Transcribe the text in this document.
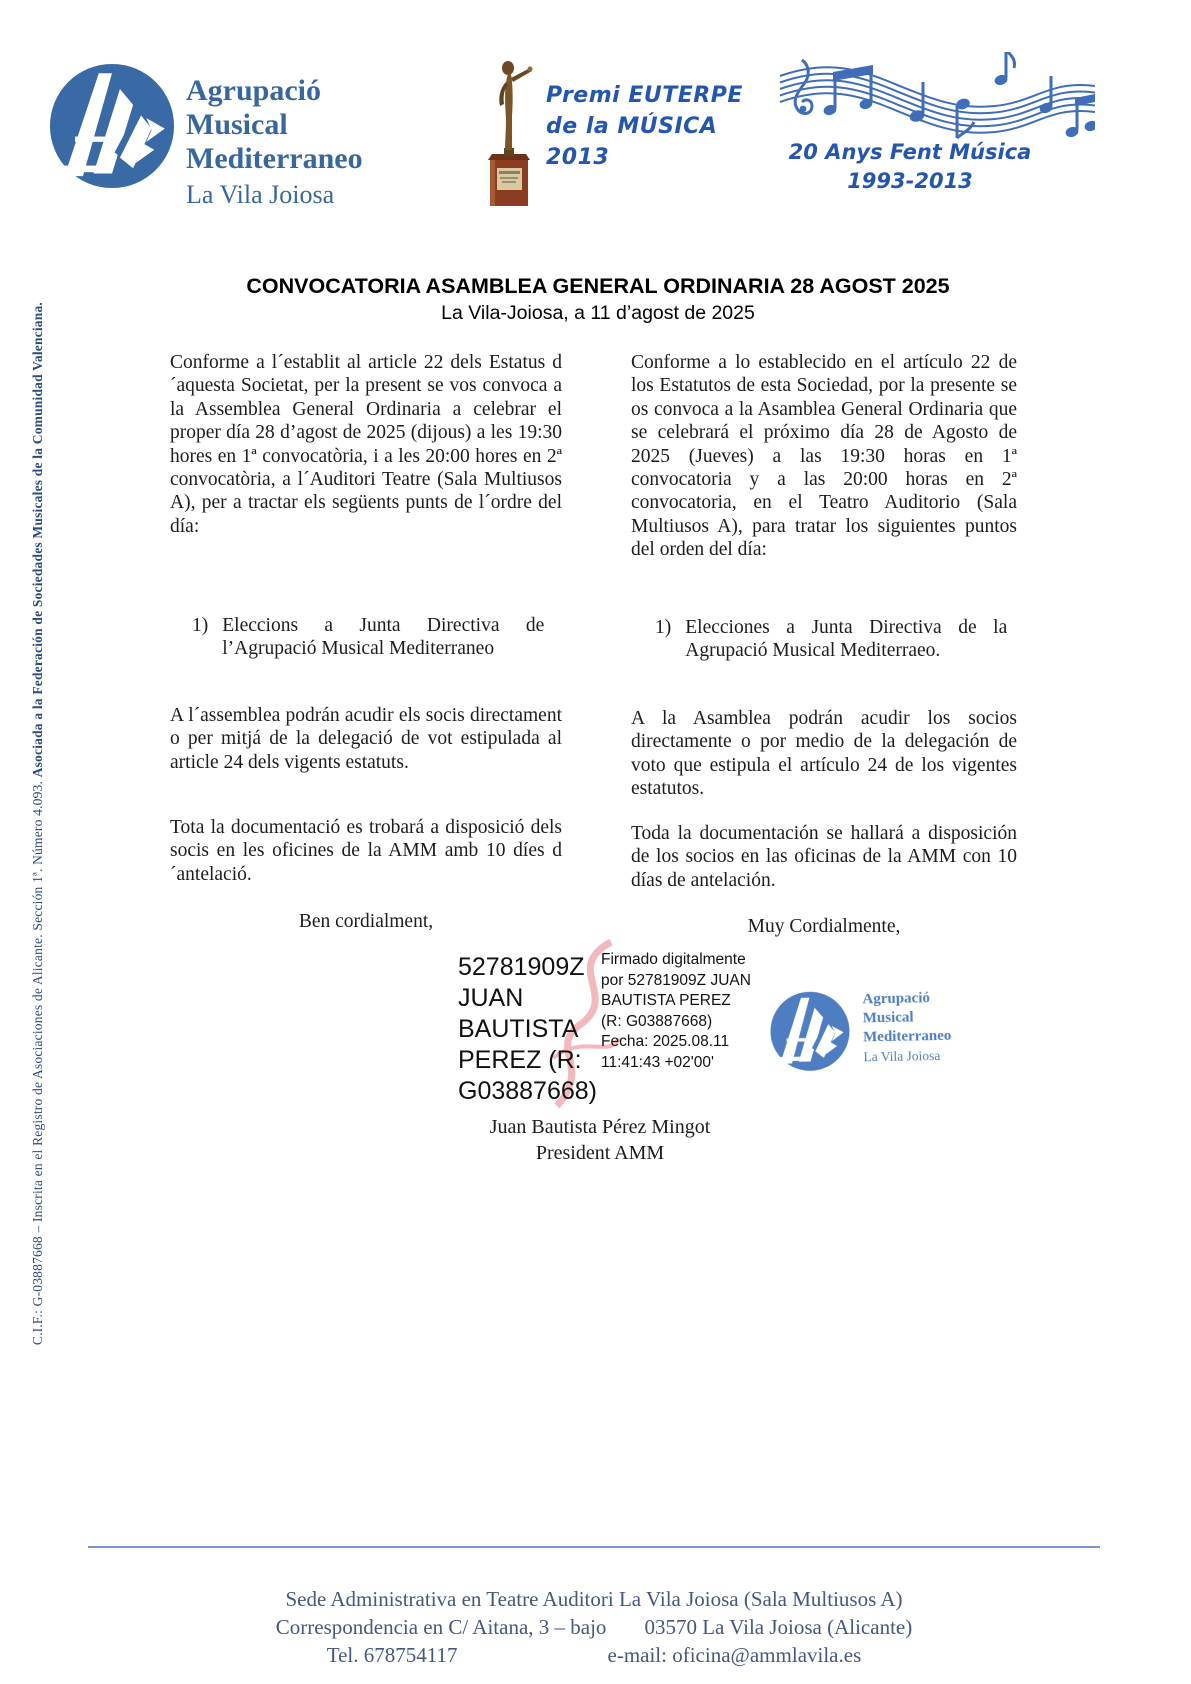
Agrupació
Musical
Mediterraneo
La Vila Joiosa
Premi EUTERPE
de la MÚSICA
2013	20 Anys Fent Música
1993-2013
C.I.F.: G-03887668 – Inscrita en el Registro de Asociaciones de Alicante. Sección 1ª. Número 4.093. Asociada a la Federación de Sociedades Musicales de la Comunidad Valenciana.
CONVOCATORIA ASAMBLEA GENERAL ORDINARIA 28 AGOST 2025
La Vila-Joiosa, a 11 d’agost de 2025
Conforme a l´establit al article 22 dels Estatus d´aquesta Societat, per la present se vos convoca a la Assemblea General Ordinaria a celebrar el proper día 28 d’agost de 2025 (dijous) a les 19:30 hores en 1ª convocatòria, i a les 20:00 hores en 2ª convocatòria, a l´Auditori Teatre (Sala Multiusos A), per a tractar els següents punts de l´ordre del día:
Conforme a lo establecido en el artículo 22 de los Estatutos de esta Sociedad, por la presente se os convoca a la Asamblea General Ordinaria que se celebrará el próximo día 28 de Agosto de 2025 (Jueves) a las 19:30 horas en 1ª convocatoria y a las 20:00 horas en 2ª convocatoria, en el Teatro Auditorio (Sala Multiusos A), para tratar los siguientes puntos del orden del día:
1) Eleccions a Junta Directiva de l’Agrupació Musical Mediterraneo
1) Elecciones a Junta Directiva de la Agrupació Musical Mediterraeo.
A l´assemblea podrán acudir els socis directament o per mitjá de la delegació de vot estipulada al article 24 dels vigents estatuts.
A la Asamblea podrán acudir los socios directamente o por medio de la delegación de voto que estipula el artículo 24 de los vigentes estatutos.
Tota la documentació es trobará a disposició dels socis en les oficines de la AMM amb 10 díes d´antelació.
Toda la documentación se hallará a disposición de los socios en las oficinas de la AMM con 10 días de antelación.
Ben cordialment,	Muy Cordialmente,
52781909Z JUAN BAUTISTA PEREZ (R: G03887668)
Firmado digitalmente por 52781909Z JUAN BAUTISTA PEREZ (R: G03887668) Fecha: 2025.08.11 11:41:43 +02'00'
Agrupació
Musical
Mediterraneo
La Vila Joiosa
Juan Bautista Pérez Mingot
President AMM
Sede Administrativa en Teatre Auditori La Vila Joiosa (Sala Multiusos A)
Correspondencia en C/ Aitana, 3 – bajo 03570 La Vila Joiosa (Alicante)
Tel. 678754117	e-mail: oficina@ammlavila.es
